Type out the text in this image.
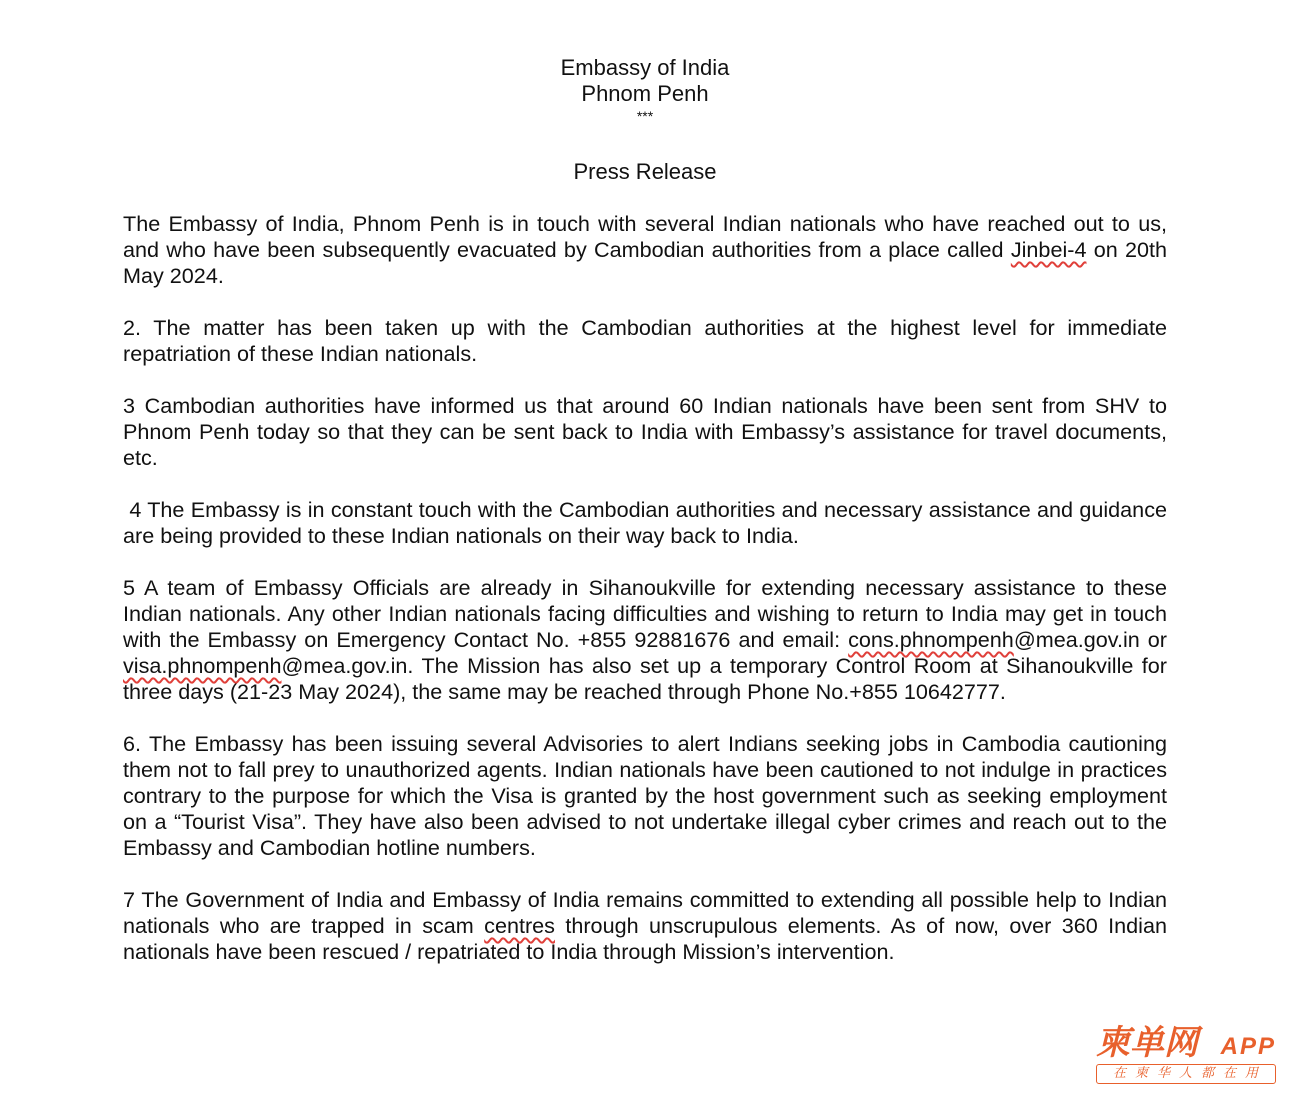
Embassy of India
Phnom Penh
***
Press Release

The Embassy of India, Phnom Penh is in touch with several Indian nationals who have reached out to us, and who have been subsequently evacuated by Cambodian authorities from a place called Jinbei-4 on 20th May 2024.

2. The matter has been taken up with the Cambodian authorities at the highest level for immediate repatriation of these Indian nationals.

3 Cambodian authorities have informed us that around 60 Indian nationals have been sent from SHV to Phnom Penh today so that they can be sent back to India with Embassy’s assistance for travel documents, etc.

4 The Embassy is in constant touch with the Cambodian authorities and necessary assistance and guidance  are being provided to these Indian nationals on their way back to India.

5 A team of Embassy Officials are already in Sihanoukville for extending necessary assistance to these Indian nationals. Any other Indian nationals facing difficulties and wishing to return to India may get in touch with the Embassy on Emergency Contact No. +855 92881676 and email: cons.phnompenh@mea.gov.in or visa.phnompenh@mea.gov.in. The Mission has also set up a temporary Control Room at Sihanoukville for three days (21-23 May 2024), the same may be reached through Phone No.+855 10642777.

6. The Embassy has been issuing several Advisories to alert Indians seeking jobs in Cambodia cautioning them not to fall prey to unauthorized agents. Indian nationals have been cautioned to not indulge in practices contrary to the purpose for which the Visa is granted by the host government such as seeking employment on a “Tourist Visa”. They have also been advised to not undertake illegal cyber crimes and reach out to the Embassy and Cambodian hotline numbers.

7 The Government of India and Embassy of India remains committed to extending all possible help to Indian nationals who are trapped in scam centres through unscrupulous elements. As of now, over 360 Indian nationals have been rescued / repatriated to India through Mission’s intervention.

柬单网 APP
在柬华人都在用
